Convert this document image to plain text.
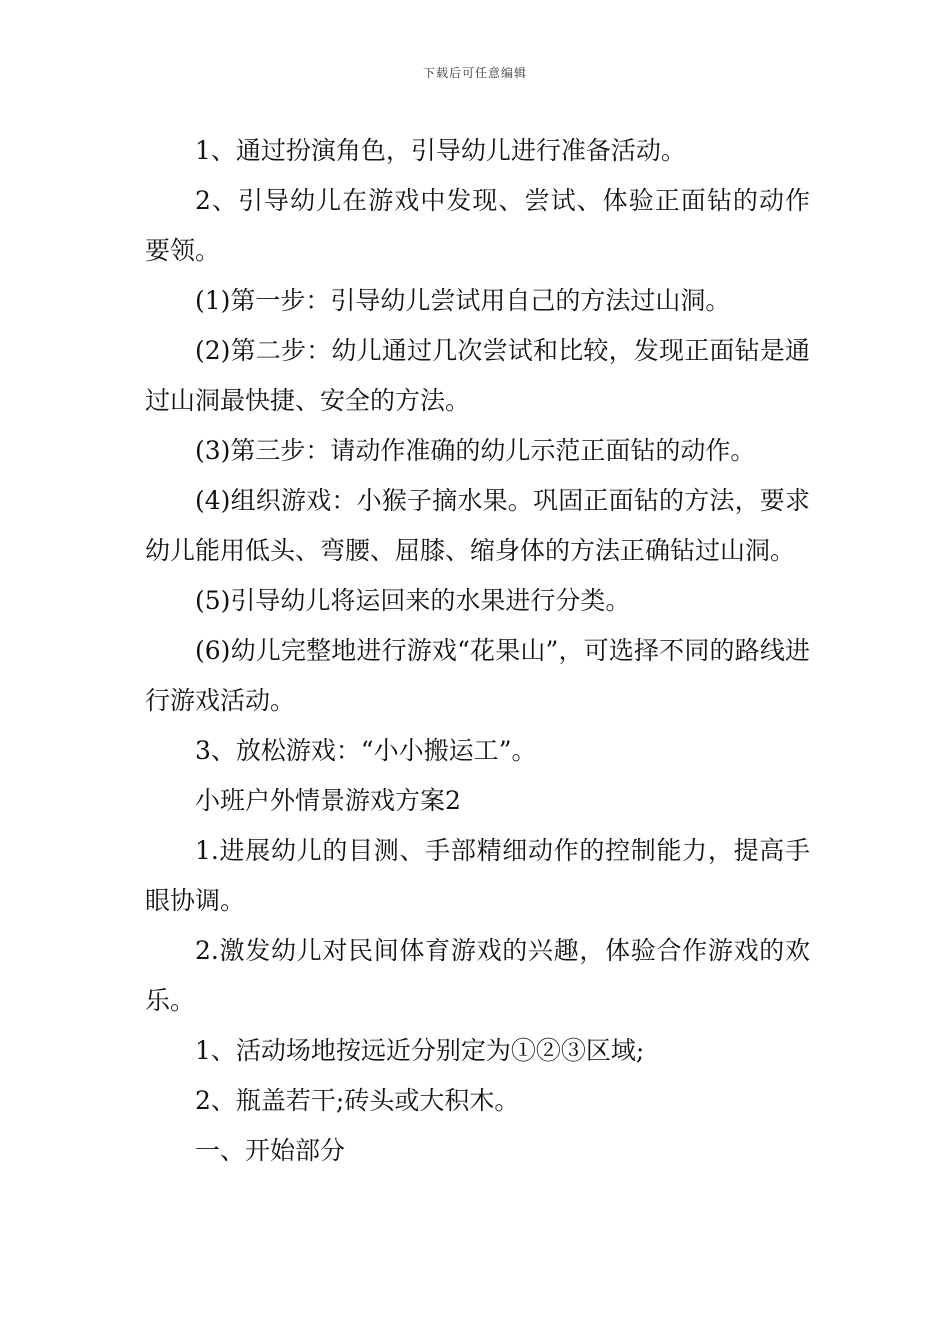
下载后可任意编辑

1、通过扮演角色，引导幼儿进行准备活动。

2、引导幼儿在游戏中发现、尝试、体验正面钻的动作要领。

(1)第一步：引导幼儿尝试用自己的方法过山洞。

(2)第二步：幼儿通过几次尝试和比较，发现正面钻是通过山洞最快捷、安全的方法。

(3)第三步：请动作准确的幼儿示范正面钻的动作。

(4)组织游戏：小猴子摘水果。巩固正面钻的方法，要求幼儿能用低头、弯腰、屈膝、缩身体的方法正确钻过山洞。

(5)引导幼儿将运回来的水果进行分类。

(6)幼儿完整地进行游戏“花果山”，可选择不同的路线进行游戏活动。

3、放松游戏：“小小搬运工”。

小班户外情景游戏方案2

1.进展幼儿的目测、手部精细动作的控制能力，提高手眼协调。

2.激发幼儿对民间体育游戏的兴趣，体验合作游戏的欢乐。

1、活动场地按远近分别定为①②③区域;

2、瓶盖若干;砖头或大积木。

一、开始部分
